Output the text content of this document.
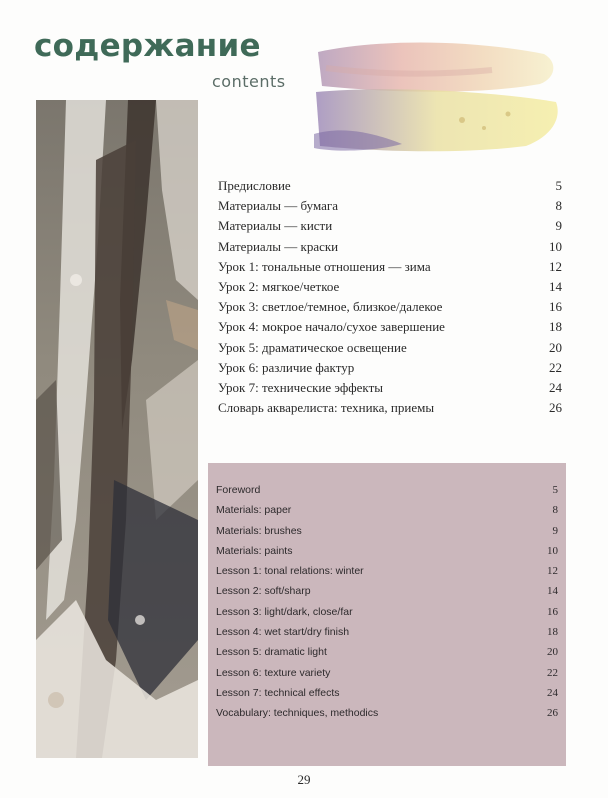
содержание
contents
Предисловие	5
Материалы — бумага	8
Материалы — кисти	9
Материалы — краски	10
Урок 1: тональные отношения — зима	12
Урок 2: мягкое/четкое	14
Урок 3: светлое/темное, близкое/далекое	16
Урок 4: мокрое начало/сухое завершение	18
Урок 5: драматическое освещение	20
Урок 6: различие фактур	22
Урок 7: технические эффекты	24
Словарь акварелиста: техника, приемы	26
Foreword	5
Materials: paper	8
Materials: brushes	9
Materials: paints	10
Lesson 1: tonal relations: winter	12
Lesson 2: soft/sharp	14
Lesson 3: light/dark, close/far	16
Lesson 4: wet start/dry finish	18
Lesson 5: dramatic light	20
Lesson 6: texture variety	22
Lesson 7: technical effects	24
Vocabulary: techniques, methodics	26
29
